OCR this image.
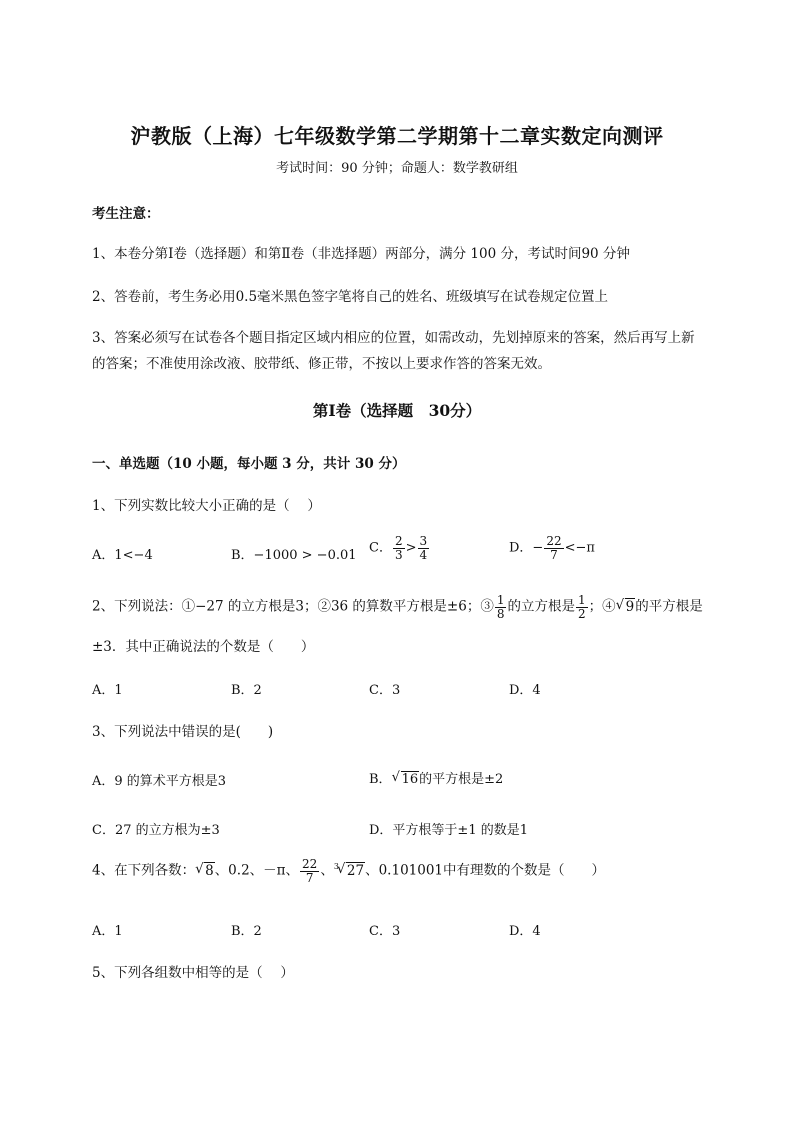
沪教版（上海）七年级数学第二学期第十二章实数定向测评
考试时间：90 分钟；命题人：数学教研组
考生注意：
1、本卷分第Ⅰ卷（选择题）和第Ⅱ卷（非选择题）两部分，满分 100 分，考试时间90 分钟
2、答卷前，考生务必用0.5毫米黑色签字笔将自己的姓名、班级填写在试卷规定位置上
3、答案必须写在试卷各个题目指定区域内相应的位置，如需改动，先划掉原来的答案，然后再写上新
的答案；不准使用涂改液、胶带纸、修正带，不按以上要求作答的答案无效。
第Ⅰ卷（选择题　30分）
一、单选题（10 小题，每小题 3 分，共计 30 分）
1、下列实数比较大小正确的是（　 ）
A．1<−4	B．−1000 > −0.01 C． $\frac{2}{3} > \frac{3}{4}$	D．− $\frac{22}{7} <-\pi$
2、下列说法：①−27 的立方根是3；②36 的算数平方根是±6；③ $\frac{1}{8}$ 的立方根是 $\frac{1}{2}$ ；④ √ 9的平方根是
±3．其中正确说法的个数是（　　）
A．1	B．2	C．3	D．4
3、下列说法中错误的是(　　)
A．9 的算术平方根是3	B． √ 16的平方根是±2
C．27 的立方根为±3	D．平方根等于±1 的数是1
4、在下列各数： √ 8、0.2、－π、 $\frac{22}{7}$ 、$^3$ √ 27、0.101001中有理数的个数是（　　）
A．1	B．2	C．3	D．4
5、下列各组数中相等的是（　 ）
